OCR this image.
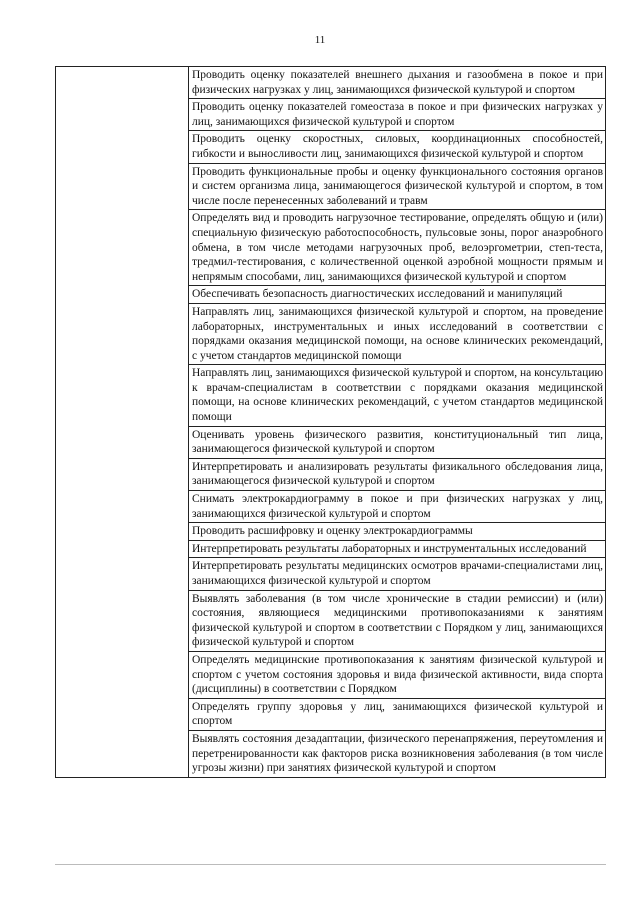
11
	Проводить оценку показателей внешнего дыхания и газообмена в покое и при физических нагрузках у лиц, занимающихся физической культурой и спортом
Проводить оценку показателей гомеостаза в покое и при физических нагрузках у лиц, занимающихся физической культурой и спортом
Проводить оценку скоростных, силовых, координационных способностей, гибкости и выносливости лиц, занимающихся физической культурой и спортом
Проводить функциональные пробы и оценку функционального состояния органов и систем организма лица, занимающегося физической культурой и спортом, в том числе после перенесенных заболеваний и травм
Определять вид и проводить нагрузочное тестирование, определять общую и (или) специальную физическую работоспособность, пульсовые зоны, порог анаэробного обмена, в том числе методами нагрузочных проб, велоэргометрии, степ-теста, тредмил-тестирования, с количественной оценкой аэробной мощности прямым и непрямым способами, лиц, занимающихся физической культурой и спортом
Обеспечивать безопасность диагностических исследований и манипуляций
Направлять лиц, занимающихся физической культурой и спортом, на проведение лабораторных, инструментальных и иных исследований в соответствии с порядками оказания медицинской помощи, на основе клинических рекомендаций, с учетом стандартов медицинской помощи
Направлять лиц, занимающихся физической культурой и спортом, на консультацию к врачам-специалистам в соответствии с порядками оказания медицинской помощи, на основе клинических рекомендаций, с учетом стандартов медицинской помощи
Оценивать уровень физического развития, конституциональный тип лица, занимающегося физической культурой и спортом
Интерпретировать и анализировать результаты физикального обследования лица, занимающегося физической культурой и спортом
Снимать электрокардиограмму в покое и при физических нагрузках у лиц, занимающихся физической культурой и спортом
Проводить расшифровку и оценку электрокардиограммы
Интерпретировать результаты лабораторных и инструментальных исследований
Интерпретировать результаты медицинских осмотров врачами-специалистами лиц, занимающихся физической культурой и спортом
Выявлять заболевания (в том числе хронические в стадии ремиссии) и (или) состояния, являющиеся медицинскими противопоказаниями к занятиям физической культурой и спортом в соответствии с Порядком у лиц, занимающихся физической культурой и спортом
Определять медицинские противопоказания к занятиям физической культурой и спортом с учетом состояния здоровья и вида физической активности, вида спорта (дисциплины) в соответствии с Порядком
Определять группу здоровья у лиц, занимающихся физической культурой и спортом
Выявлять состояния дезадаптации, физического перенапряжения, переутомления и перетренированности как факторов риска возникновения заболевания (в том числе угрозы жизни) при занятиях физической культурой и спортом
